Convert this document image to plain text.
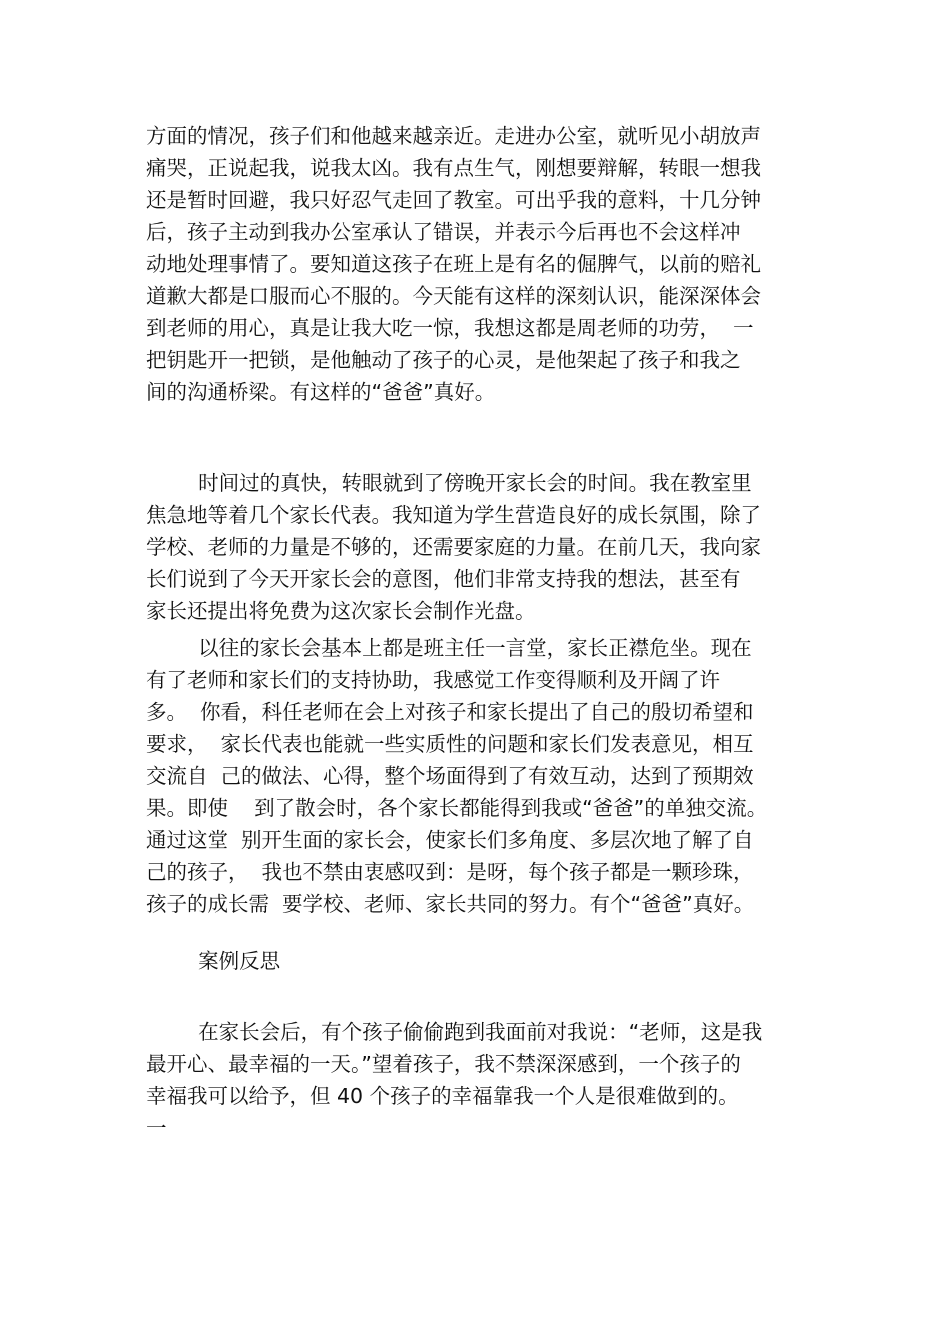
方面的情况，孩子们和他越来越亲近。走进办公室，就听见小胡放声
痛哭，正说起我，说我太凶。我有点生气，刚想要辩解，转眼一想我
还是暂时回避，我只好忍气走回了教室。可出乎我的意料，十几分钟
后，孩子主动到我办公室承认了错误，并表示今后再也不会这样冲
动地处理事情了。要知道这孩子在班上是有名的倔脾气，以前的赔礼
道歉大都是口服而心不服的。今天能有这样的深刻认识，能深深体会
到老师的用心，真是让我大吃一惊，我想这都是周老师的功劳，  一
把钥匙开一把锁，是他触动了孩子的心灵，是他架起了孩子和我之
间的沟通桥梁。有这样的“爸爸”真好。
时间过的真快，转眼就到了傍晚开家长会的时间。我在教室里
焦急地等着几个家长代表。我知道为学生营造良好的成长氛围，除了
学校、老师的力量是不够的，还需要家庭的力量。在前几天，我向家
长们说到了今天开家长会的意图，他们非常支持我的想法，甚至有
家长还提出将免费为这次家长会制作光盘。
以往的家长会基本上都是班主任一言堂，家长正襟危坐。现在
有了老师和家长们的支持协助，我感觉工作变得顺利及开阔了许
多。  你看，科任老师在会上对孩子和家长提出了自己的殷切希望和
要求，  家长代表也能就一些实质性的问题和家长们发表意见，相互
交流自  己的做法、心得，整个场面得到了有效互动，达到了预期效
果。即使    到了散会时，各个家长都能得到我或“爸爸”的单独交流。
通过这堂  别开生面的家长会，使家长们多角度、多层次地了解了自
己的孩子，  我也不禁由衷感叹到：是呀，每个孩子都是一颗珍珠，
孩子的成长需  要学校、老师、家长共同的努力。有个“爸爸”真好。
案例反思
在家长会后，有个孩子偷偷跑到我面前对我说：“老师，这是我
最开心、最幸福的一天。”望着孩子，我不禁深深感到，一个孩子的
幸福我可以给予，但 40 个孩子的幸福靠我一个人是很难做到的。
一
